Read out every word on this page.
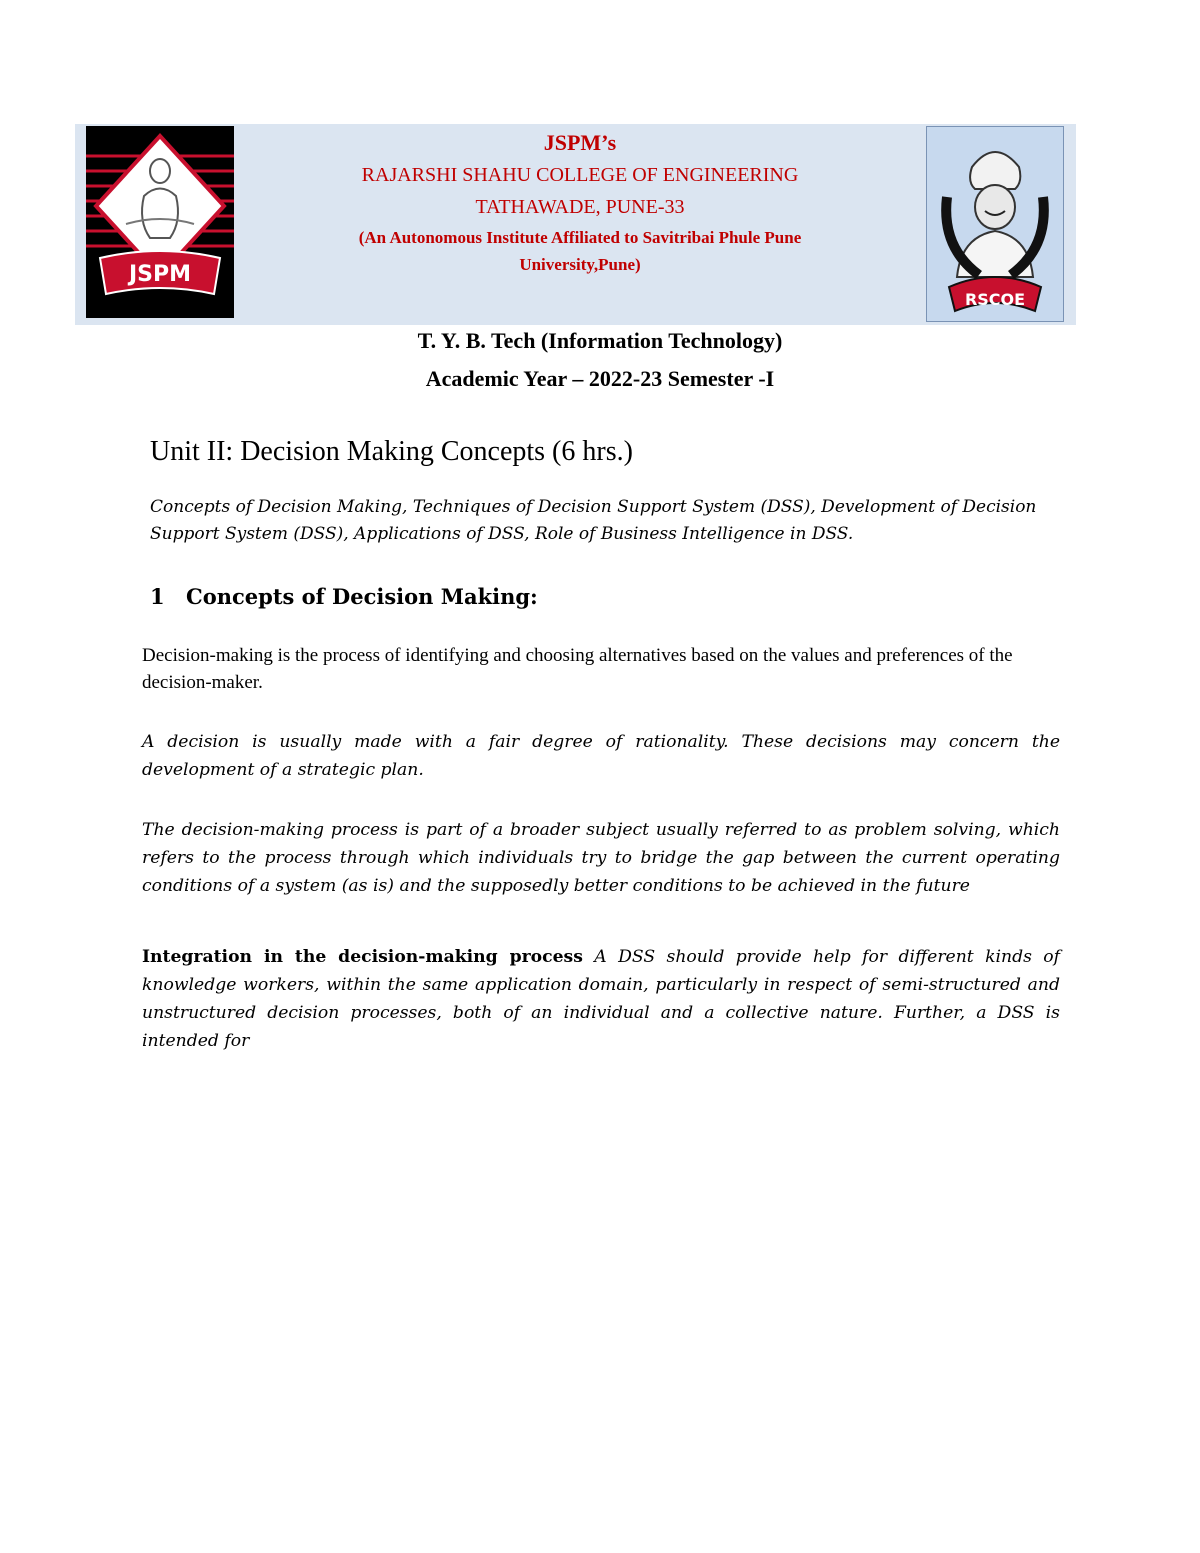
JSPM
RSCOE
JSPM’s
RAJARSHI SHAHU COLLEGE OF ENGINEERING
TATHAWADE, PUNE-33
(An Autonomous Institute Affiliated to Savitribai Phule Pune University,Pune)
T. Y. B. Tech (Information Technology)
Academic Year – 2022-23 Semester -I
Unit II: Decision Making Concepts (6 hrs.)
Concepts of Decision Making, Techniques of Decision Support System (DSS), Development of Decision Support System (DSS), Applications of DSS, Role of Business Intelligence in DSS.
1 Concepts of Decision Making:
Decision-making is the process of identifying and choosing alternatives based on the values and preferences of the decision-maker.
A decision is usually made with a fair degree of rationality. These decisions may concern the development of a strategic plan.
The decision-making process is part of a broader subject usually referred to as problem solving, which refers to the process through which individuals try to bridge the gap between the current operating conditions of a system (as is) and the supposedly better conditions to be achieved in the future
Integration in the decision-making process A DSS should provide help for different kinds of knowledge workers, within the same application domain, particularly in respect of semi-structured and unstructured decision processes, both of an individual and a collective nature. Further, a DSS is intended for
